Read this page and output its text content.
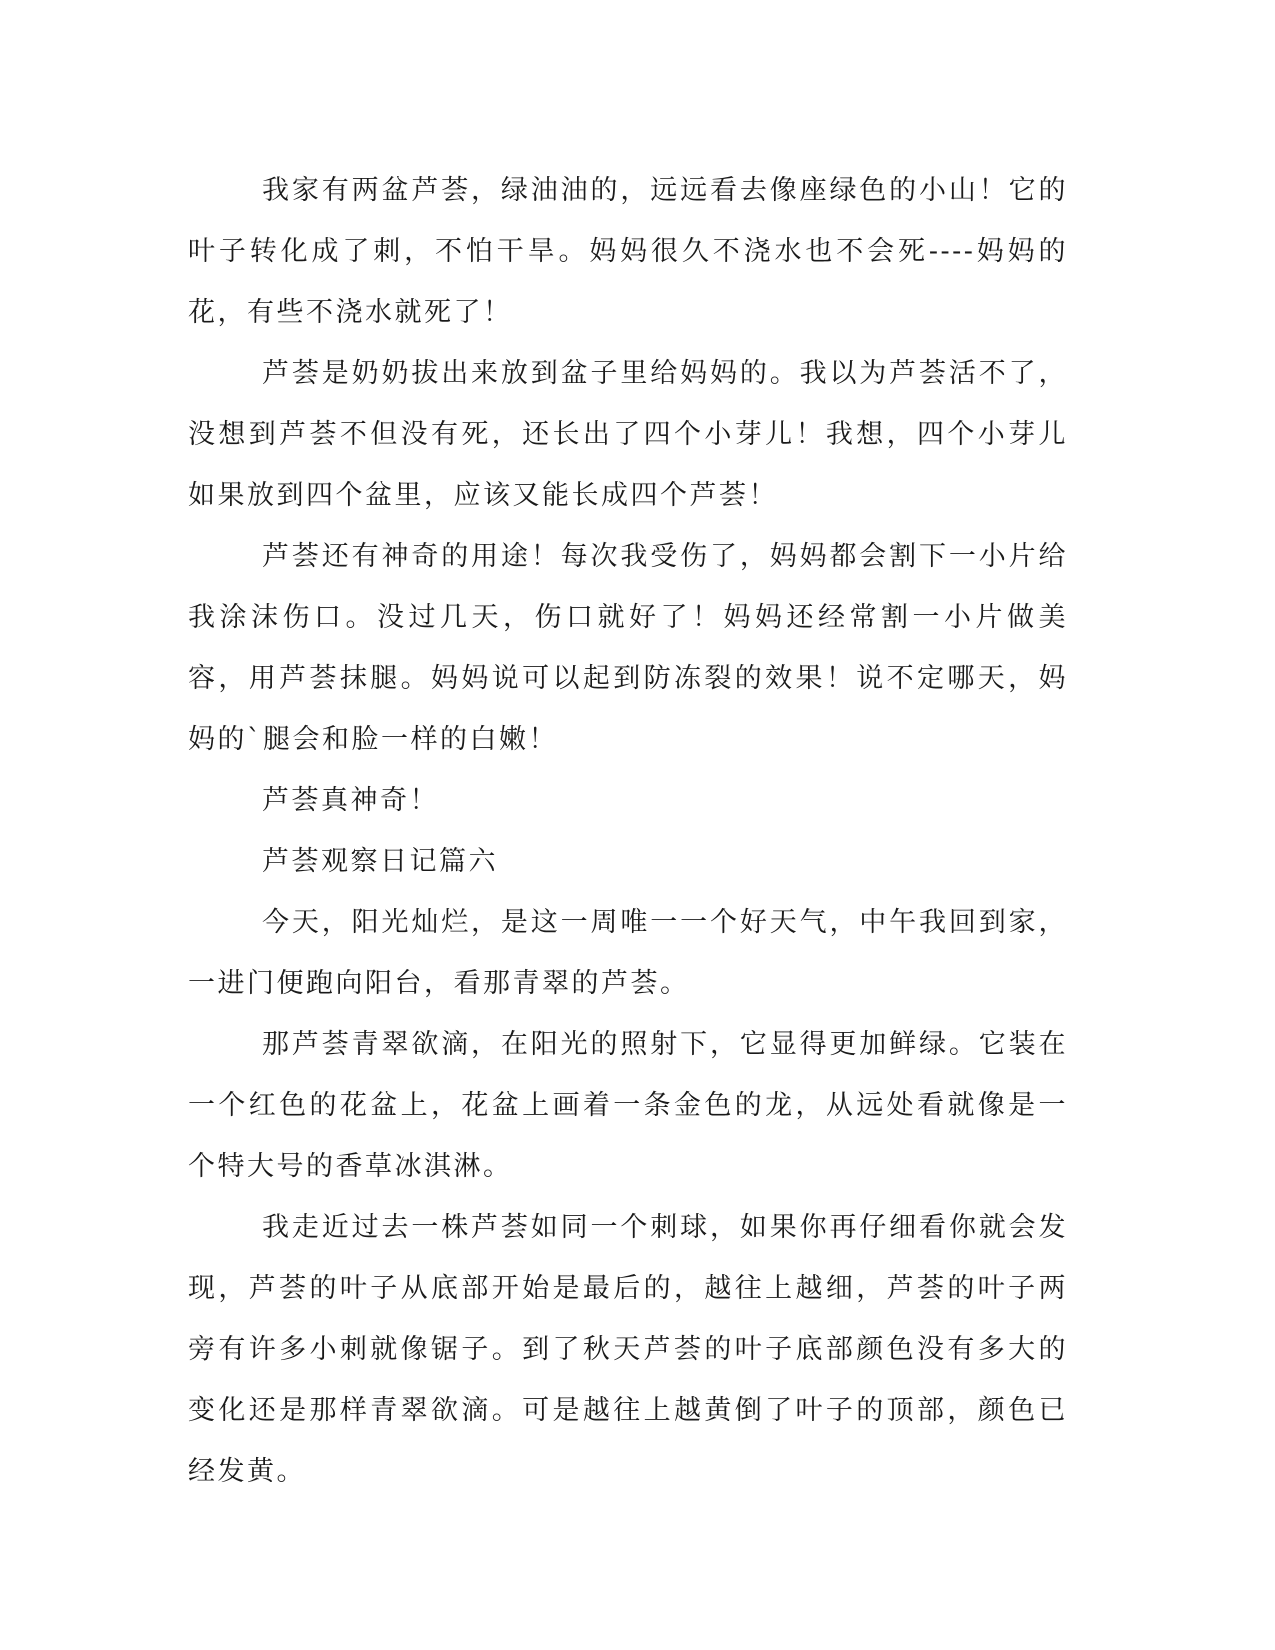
我家有两盆芦荟，绿油油的，远远看去像座绿色的小山！它的叶子转化成了刺，不怕干旱。妈妈很久不浇水也不会死----妈妈的花，有些不浇水就死了！

芦荟是奶奶拔出来放到盆子里给妈妈的。我以为芦荟活不了，没想到芦荟不但没有死，还长出了四个小芽儿！我想，四个小芽儿如果放到四个盆里，应该又能长成四个芦荟！

芦荟还有神奇的用途！每次我受伤了，妈妈都会割下一小片给我涂沫伤口。没过几天，伤口就好了！妈妈还经常割一小片做美容，用芦荟抹腿。妈妈说可以起到防冻裂的效果！说不定哪天，妈妈的`腿会和脸一样的白嫩！

芦荟真神奇！

芦荟观察日记篇六

今天，阳光灿烂，是这一周唯一一个好天气，中午我回到家，一进门便跑向阳台，看那青翠的芦荟。

那芦荟青翠欲滴，在阳光的照射下，它显得更加鲜绿。它装在一个红色的花盆上，花盆上画着一条金色的龙，从远处看就像是一个特大号的香草冰淇淋。

我走近过去一株芦荟如同一个刺球，如果你再仔细看你就会发现，芦荟的叶子从底部开始是最后的，越往上越细，芦荟的叶子两旁有许多小刺就像锯子。到了秋天芦荟的叶子底部颜色没有多大的变化还是那样青翠欲滴。可是越往上越黄倒了叶子的顶部，颜色已经发黄。
